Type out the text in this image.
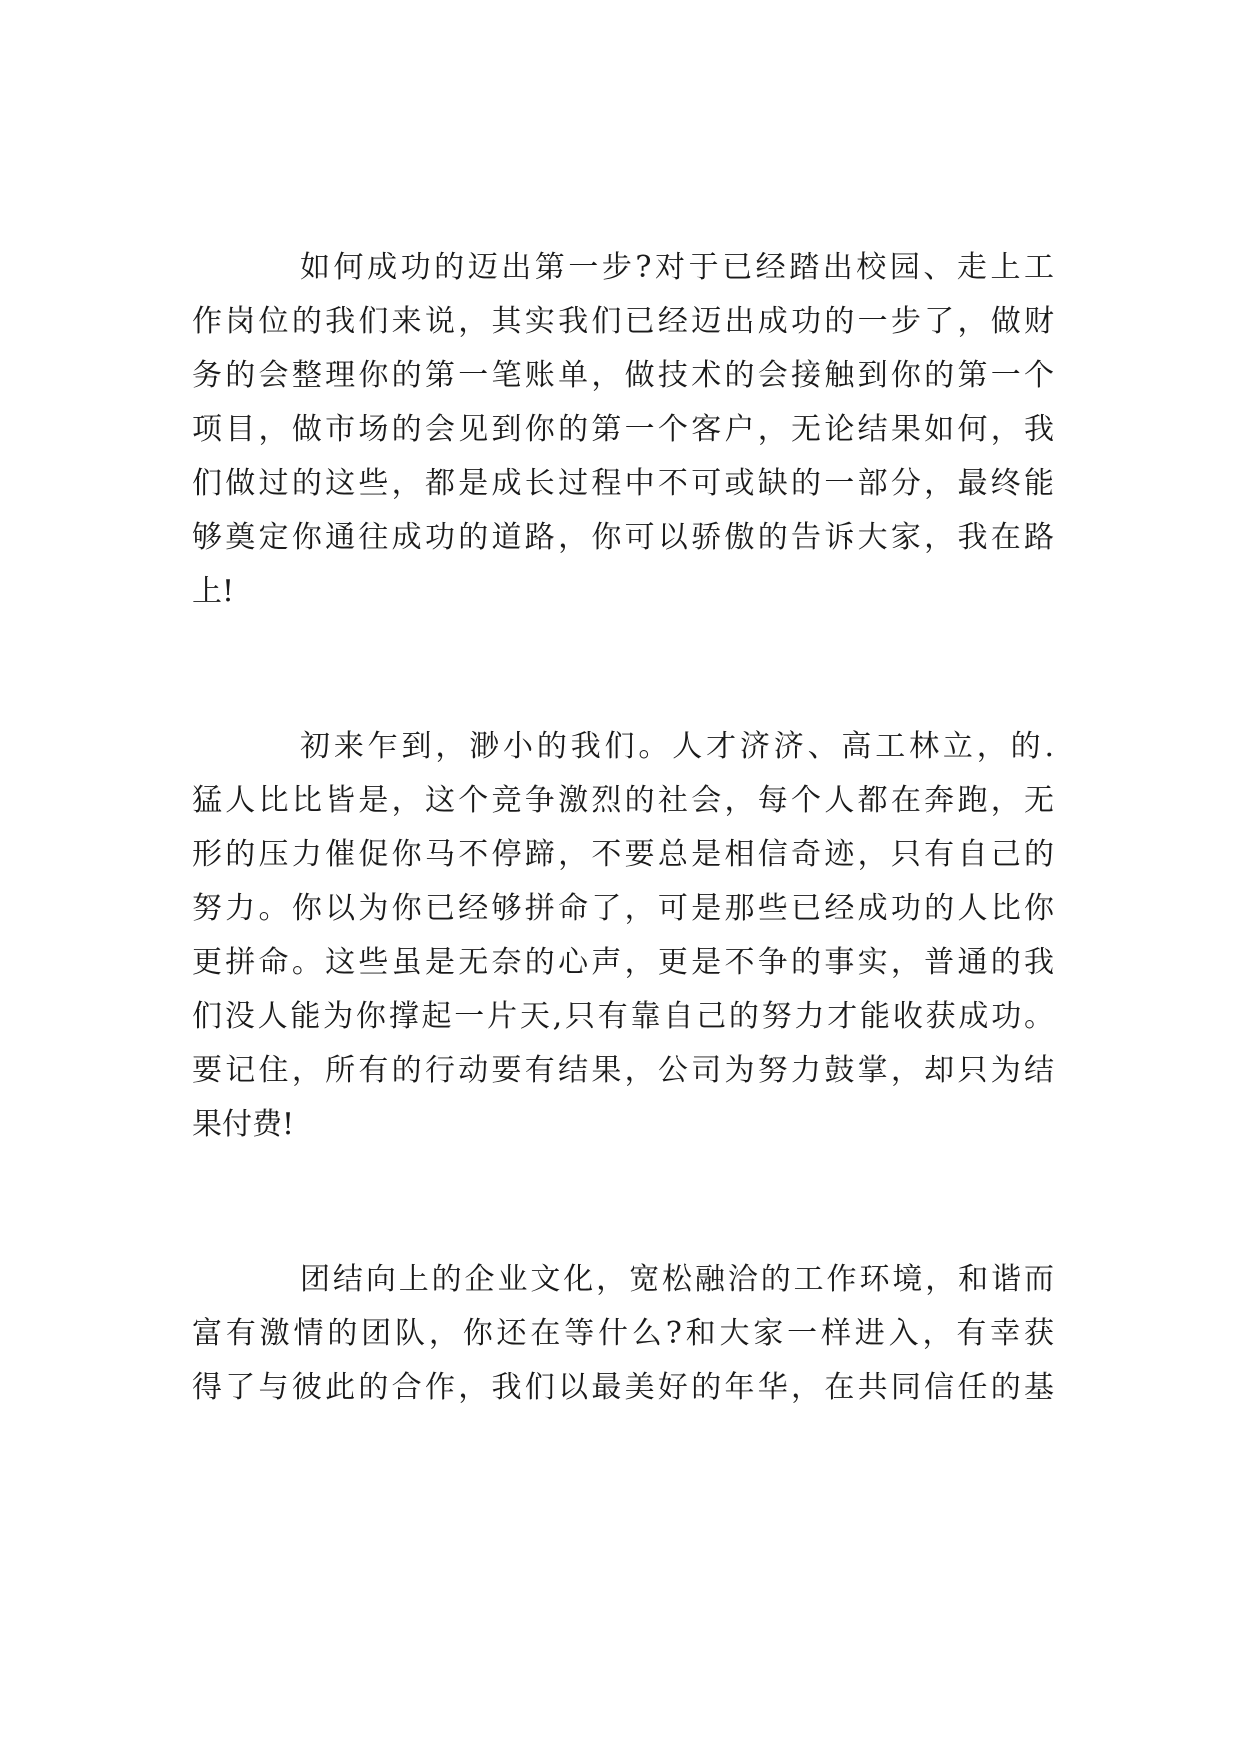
如何成功的迈出第一步?对于已经踏出校园、走上工
作岗位的我们来说，其实我们已经迈出成功的一步了，做财
务的会整理你的第一笔账单，做技术的会接触到你的第一个
项目，做市场的会见到你的第一个客户，无论结果如何，我
们做过的这些，都是成长过程中不可或缺的一部分，最终能
够奠定你通往成功的道路，你可以骄傲的告诉大家，我在路
上!
初来乍到，渺小的我们。人才济济、高工林立，的.
猛人比比皆是，这个竞争激烈的社会，每个人都在奔跑，无
形的压力催促你马不停蹄，不要总是相信奇迹，只有自己的
努力。你以为你已经够拼命了，可是那些已经成功的人比你
更拼命。这些虽是无奈的心声，更是不争的事实，普通的我
们没人能为你撑起一片天,只有靠自己的努力才能收获成功。
要记住，所有的行动要有结果，公司为努力鼓掌，却只为结
果付费!
团结向上的企业文化，宽松融洽的工作环境，和谐而
富有激情的团队，你还在等什么?和大家一样进入，有幸获
得了与彼此的合作，我们以最美好的年华，在共同信任的基
